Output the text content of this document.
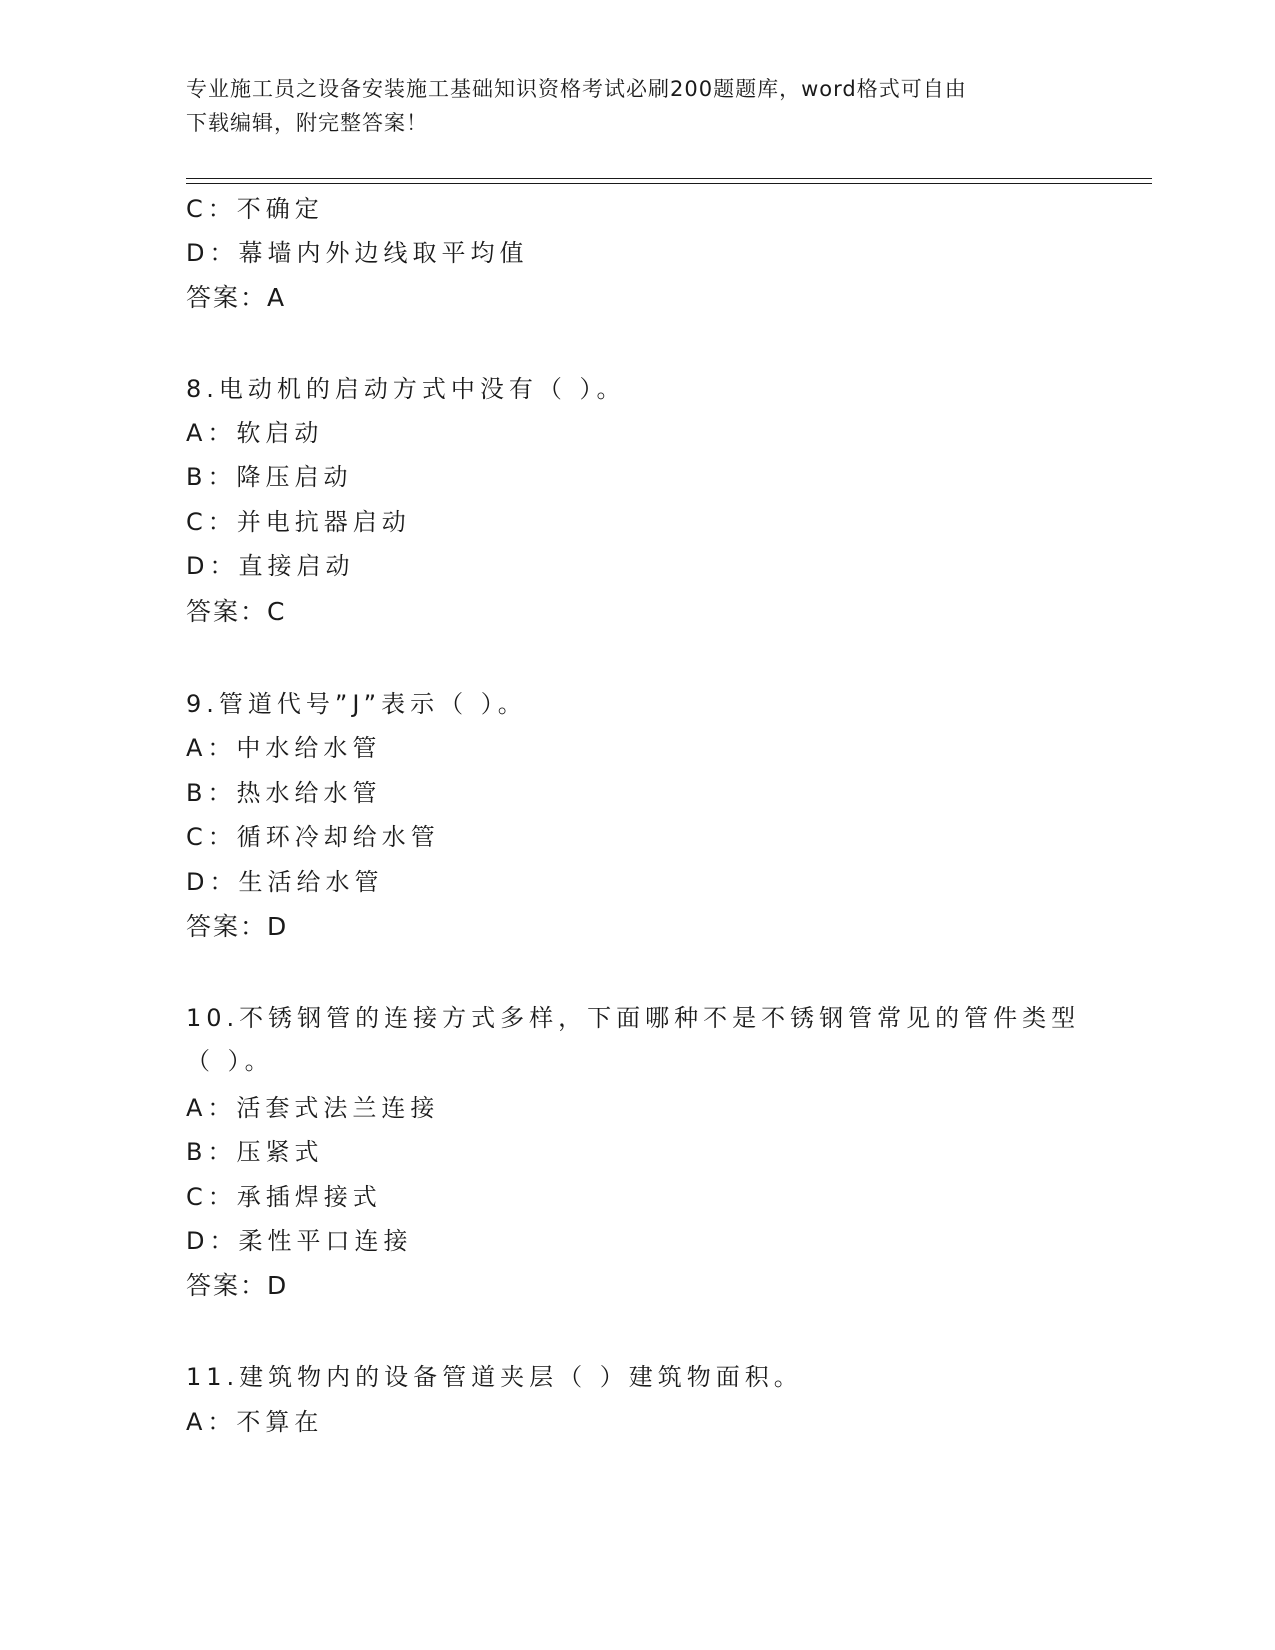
专业施工员之设备安装施工基础知识资格考试必刷200题题库，word格式可自由
下载编辑，附完整答案！
C：不确定
D：幕墙内外边线取平均值
答案：A
8.电动机的启动方式中没有（ ）。
A：软启动
B：降压启动
C：并电抗器启动
D：直接启动
答案：C
9.管道代号”J”表示（ ）。
A：中水给水管
B：热水给水管
C：循环冷却给水管
D：生活给水管
答案：D
10.不锈钢管的连接方式多样，下面哪种不是不锈钢管常见的管件类型
（ ）。
A：活套式法兰连接
B：压紧式
C：承插焊接式
D：柔性平口连接
答案：D
11.建筑物内的设备管道夹层（ ）建筑物面积。
A：不算在
